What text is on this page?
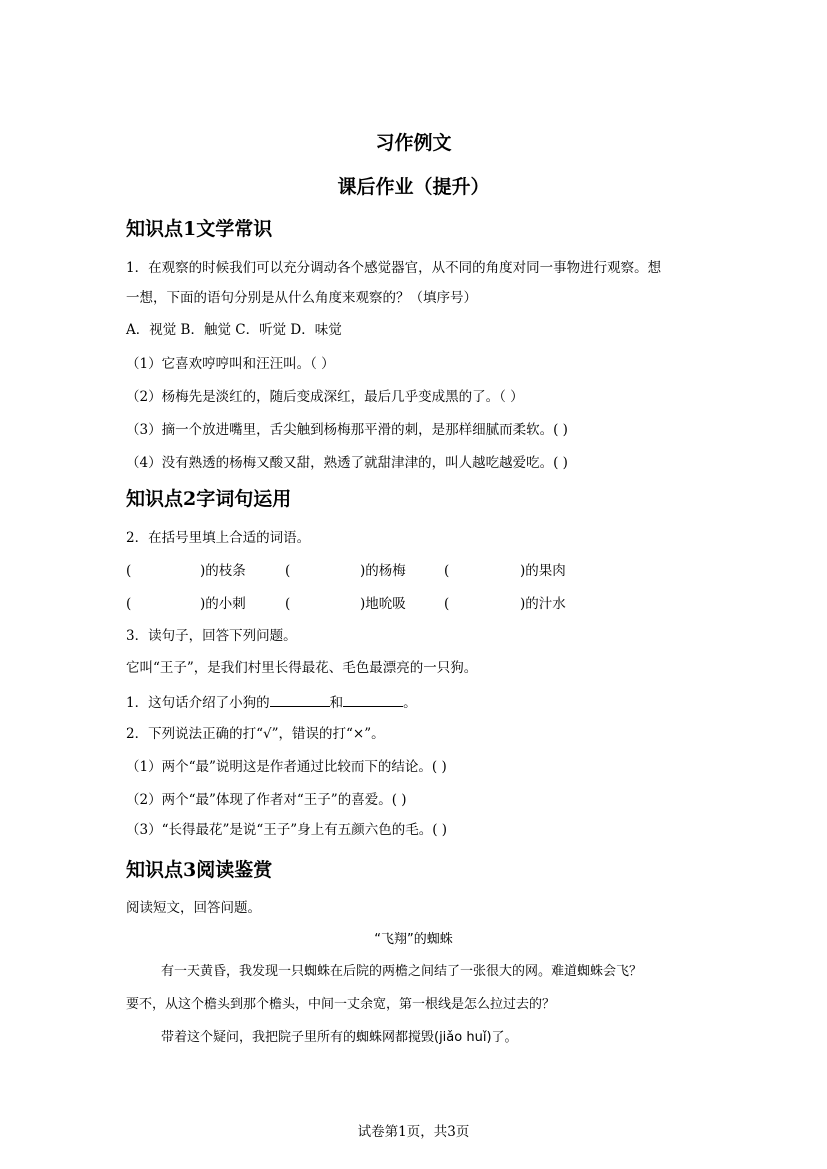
习作例文
课后作业（提升）
知识点1文学常识
1．在观察的时候我们可以充分调动各个感觉器官，从不同的角度对同一事物进行观察。想
一想，下面的语句分别是从什么角度来观察的？（填序号）
A．视觉 B．触觉 C．听觉 D．味觉
（1）它喜欢哼哼叫和汪汪叫。（ ）
（2）杨梅先是淡红的，随后变成深红，最后几乎变成黑的了。（ ）
（3）摘一个放进嘴里，舌尖触到杨梅那平滑的刺，是那样细腻而柔软。( )
（4）没有熟透的杨梅又酸又甜，熟透了就甜津津的，叫人越吃越爱吃。( )
知识点2字词句运用
2．在括号里填上合适的词语。
(	)的枝条	(	)的杨梅	(	)的果肉
(	)的小刺	(	)地吮吸	(	)的汁水
3．读句子，回答下列问题。
它叫“王子”，是我们村里长得最花、毛色最漂亮的一只狗。
1．这句话介绍了小狗的	和	。
2．下列说法正确的打“√”，错误的打“×”。
（1）两个“最”说明这是作者通过比较而下的结论。( )
（2）两个“最”体现了作者对“王子”的喜爱。( )
（3）“长得最花”是说“王子”身上有五颜六色的毛。( )
知识点3阅读鉴赏
阅读短文，回答问题。
“飞翔”的蜘蛛
有一天黄昏，我发现一只蜘蛛在后院的两檐之间结了一张很大的网。难道蜘蛛会飞？
要不，从这个檐头到那个檐头，中间一丈余宽，第一根线是怎么拉过去的？
带着这个疑问，我把院子里所有的蜘蛛网都搅毁(jiǎo huǐ)了。
试卷第1页，共3页
